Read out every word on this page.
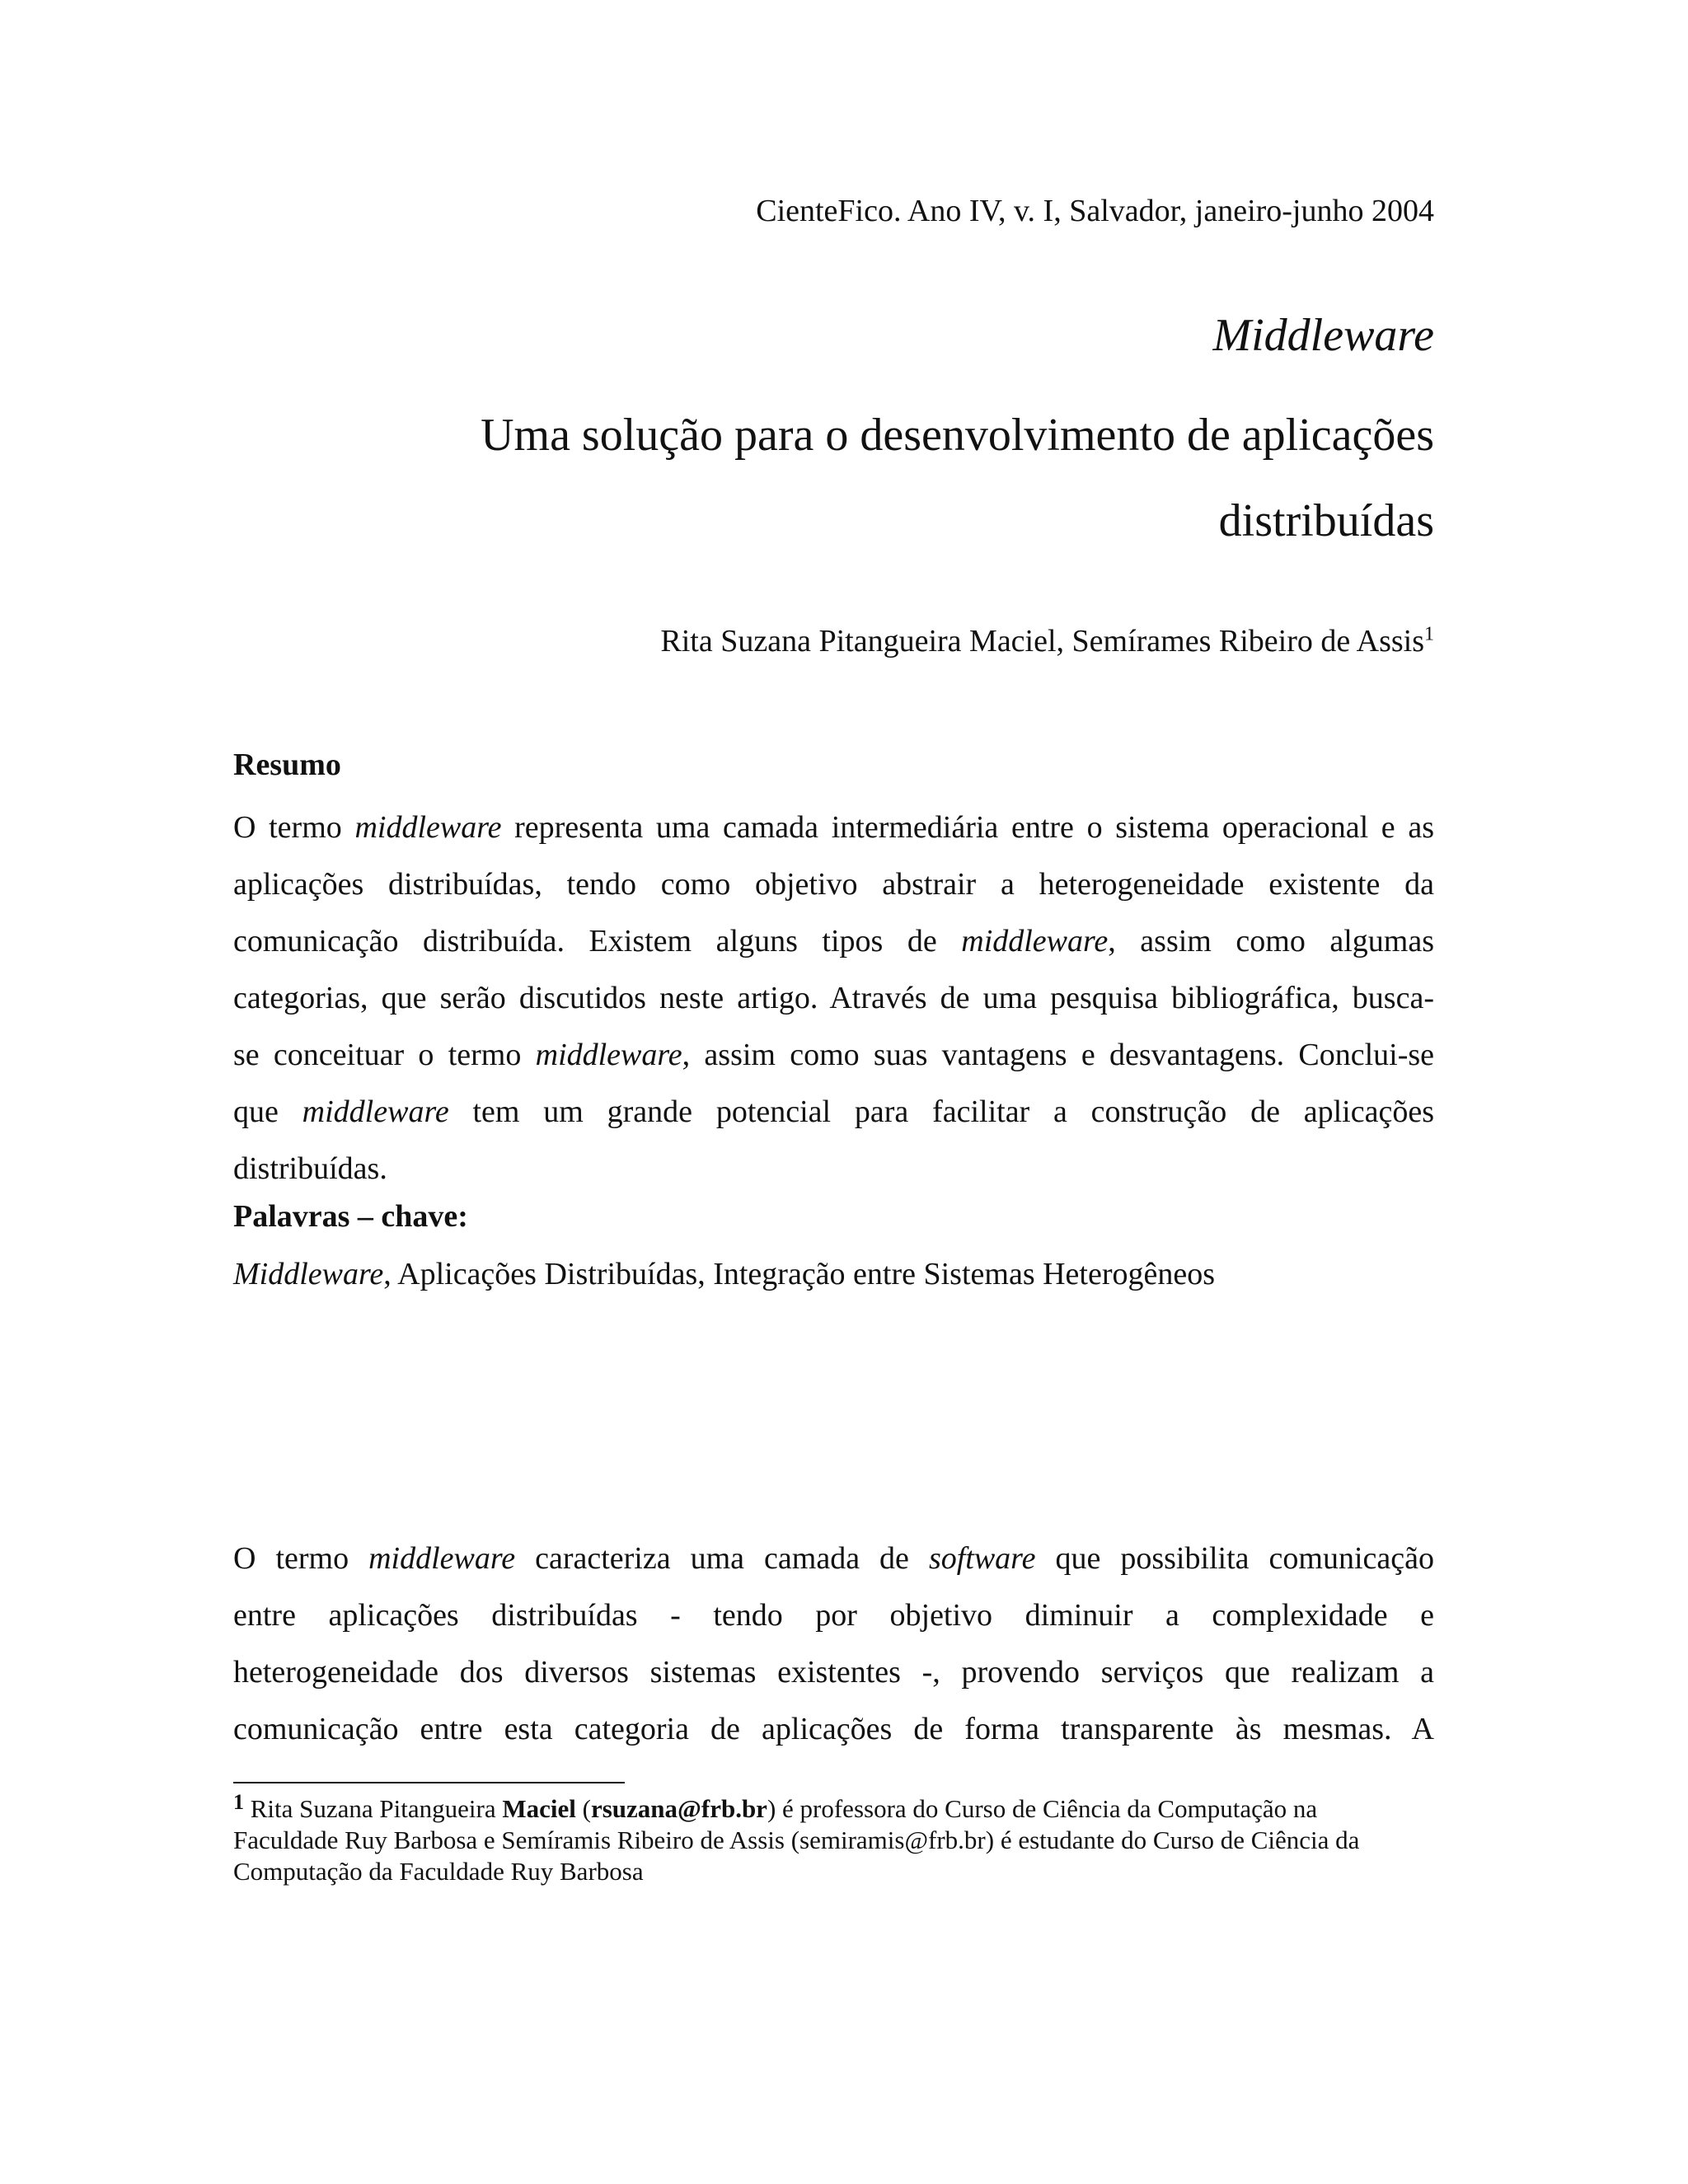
CienteFico. Ano IV, v. I, Salvador, janeiro-junho 2004
Middleware
Uma solução para o desenvolvimento de aplicações
distribuídas
Rita Suzana Pitangueira Maciel, Semírames Ribeiro de Assis$^1$
Resumo
O termo middleware representa uma camada intermediária entre o sistema operacional e as
aplicações distribuídas, tendo como objetivo abstrair a heterogeneidade existente da
comunicação distribuída. Existem alguns tipos de middleware, assim como algumas
categorias, que serão discutidos neste artigo. Através de uma pesquisa bibliográfica, busca-
se conceituar o termo middleware, assim como suas vantagens e desvantagens. Conclui-se
que middleware tem um grande potencial para facilitar a construção de aplicações
distribuídas.
Palavras – chave:
Middleware, Aplicações Distribuídas, Integração entre Sistemas Heterogêneos
O termo middleware caracteriza uma camada de software que possibilita comunicação
entre aplicações distribuídas - tendo por objetivo diminuir a complexidade e
heterogeneidade dos diversos sistemas existentes -, provendo serviços que realizam a
comunicação entre esta categoria de aplicações de forma transparente às mesmas. A
$^1$ Rita Suzana Pitangueira Maciel (rsuzana@frb.br) é professora do Curso de Ciência da Computação na
Faculdade Ruy Barbosa e Semíramis Ribeiro de Assis (semiramis@frb.br) é estudante do Curso de Ciência da
Computação da Faculdade Ruy Barbosa
